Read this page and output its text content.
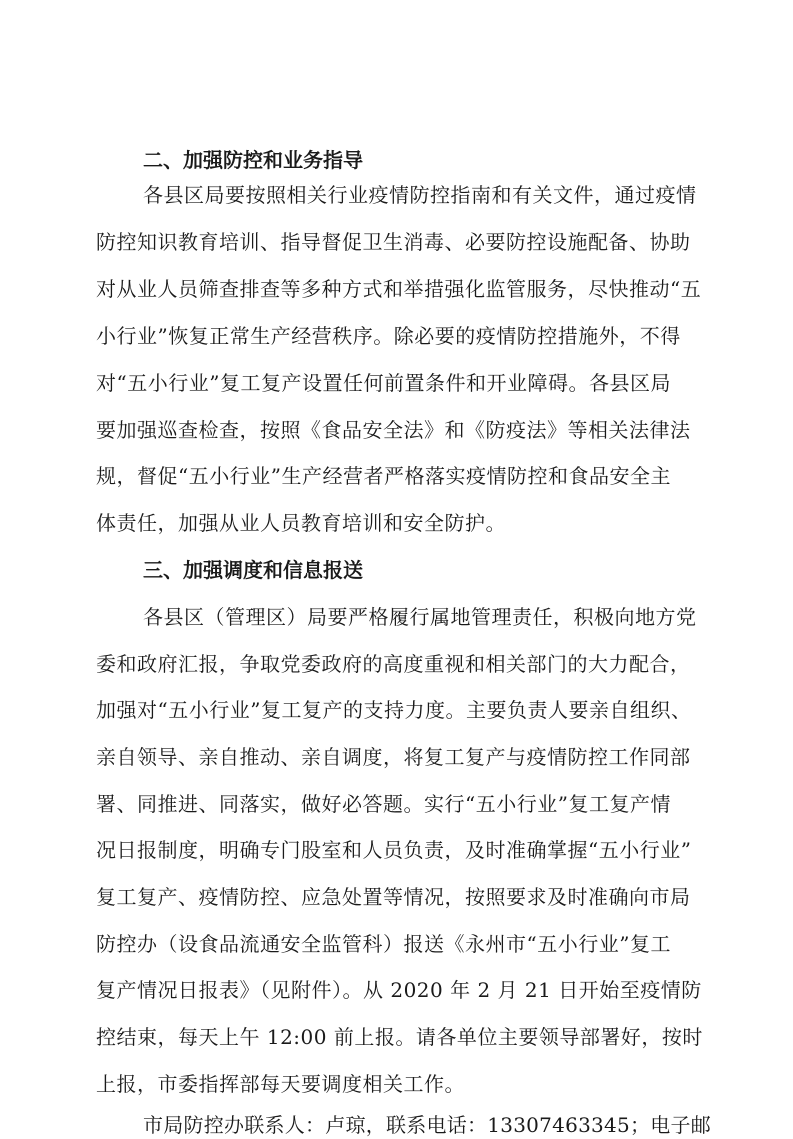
二、加强防控和业务指导
各县区局要按照相关行业疫情防控指南和有关文件，通过疫情
防控知识教育培训、指导督促卫生消毒、必要防控设施配备、协助
对从业人员筛查排查等多种方式和举措强化监管服务，尽快推动“五
小行业”恢复正常生产经营秩序。除必要的疫情防控措施外，不得
对“五小行业”复工复产设置任何前置条件和开业障碍。各县区局
要加强巡查检查，按照《食品安全法》和《防疫法》等相关法律法
规，督促“五小行业”生产经营者严格落实疫情防控和食品安全主
体责任，加强从业人员教育培训和安全防护。
三、加强调度和信息报送
各县区（管理区）局要严格履行属地管理责任，积极向地方党
委和政府汇报，争取党委政府的高度重视和相关部门的大力配合，
加强对“五小行业”复工复产的支持力度。主要负责人要亲自组织、
亲自领导、亲自推动、亲自调度，将复工复产与疫情防控工作同部
署、同推进、同落实，做好必答题。实行“五小行业”复工复产情
况日报制度，明确专门股室和人员负责，及时准确掌握“五小行业”
复工复产、疫情防控、应急处置等情况，按照要求及时准确向市局
防控办（设食品流通安全监管科）报送《永州市“五小行业”复工
复产情况日报表》（见附件）。从 2020 年 2 月 21 日开始至疫情防
控结束，每天上午 12:00 前上报。请各单位主要领导部署好，按时
上报，市委指挥部每天要调度相关工作。
市局防控办联系人：卢琼，联系电话：13307463345；电子邮
